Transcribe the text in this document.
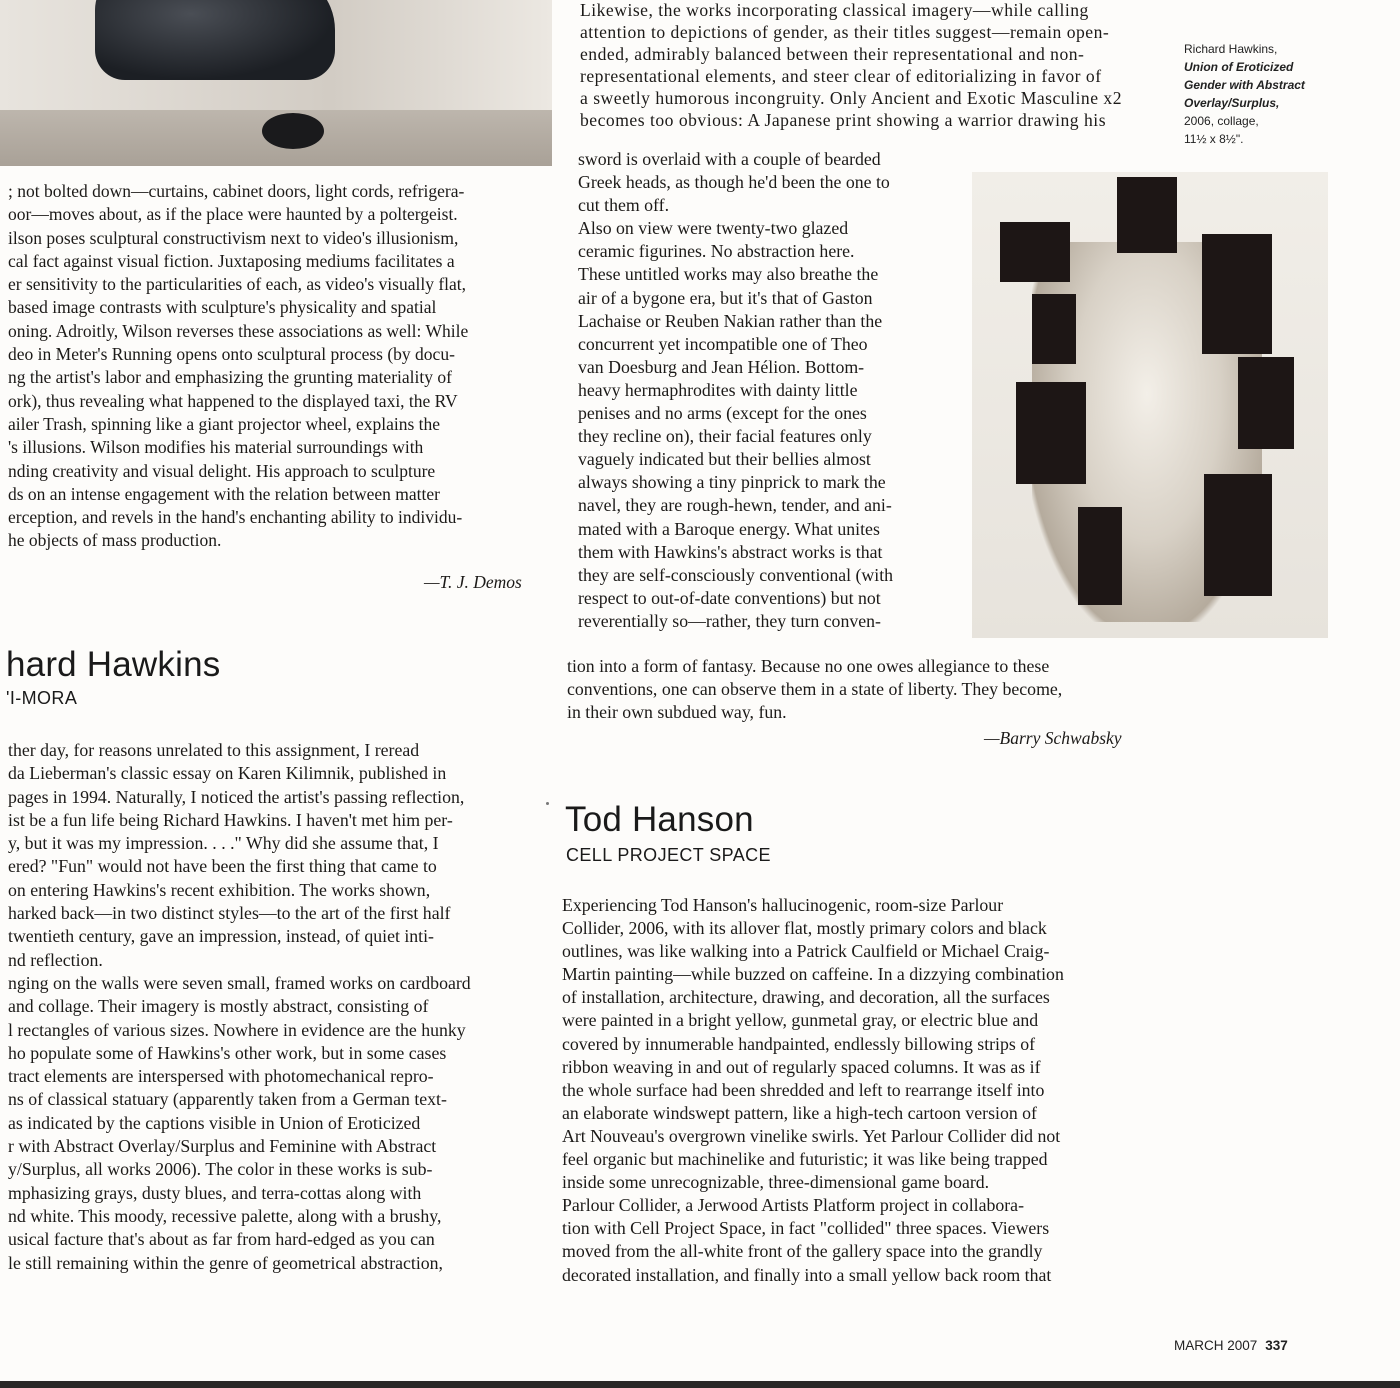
; not bolted down—curtains, cabinet doors, light cords, refrigera-

oor—moves about, as if the place were haunted by a poltergeist.

ilson poses sculptural constructivism next to video's illusionism,

cal fact against visual fiction. Juxtaposing mediums facilitates a

er sensitivity to the particularities of each, as video's visually flat,

based image contrasts with sculpture's physicality and spatial

oning. Adroitly, Wilson reverses these associations as well: While

deo in Meter's Running opens onto sculptural process (by docu-

ng the artist's labor and emphasizing the grunting materiality of

ork), thus revealing what happened to the displayed taxi, the RV

ailer Trash, spinning like a giant projector wheel, explains the

's illusions. Wilson modifies his material surroundings with

nding creativity and visual delight. His approach to sculpture

ds on an intense engagement with the relation between matter

erception, and revels in the hand's enchanting ability to individu-

he objects of mass production.

—T. J. Demos
hard Hawkins
'I-MORA

ther day, for reasons unrelated to this assignment, I reread

da Lieberman's classic essay on Karen Kilimnik, published in

pages in 1994. Naturally, I noticed the artist's passing reflection,

ist be a fun life being Richard Hawkins. I haven't met him per-

y, but it was my impression. . . ." Why did she assume that, I

ered? "Fun" would not have been the first thing that came to

on entering Hawkins's recent exhibition. The works shown,

harked back—in two distinct styles—to the art of the first half

twentieth century, gave an impression, instead, of quiet inti-

nd reflection.

nging on the walls were seven small, framed works on cardboard

and collage. Their imagery is mostly abstract, consisting of

l rectangles of various sizes. Nowhere in evidence are the hunky

ho populate some of Hawkins's other work, but in some cases

tract elements are interspersed with photomechanical repro-

ns of classical statuary (apparently taken from a German text-

as indicated by the captions visible in Union of Eroticized

r with Abstract Overlay/Surplus and Feminine with Abstract

y/Surplus, all works 2006). The color in these works is sub-

mphasizing grays, dusty blues, and terra-cottas along with

nd white. This moody, recessive palette, along with a brushy,

usical facture that's about as far from hard-edged as you can

le still remaining within the genre of geometrical abstraction,

Likewise, the works incorporating classical imagery—while calling

attention to depictions of gender, as their titles suggest—remain open-

ended, admirably balanced between their representational and non-

representational elements, and steer clear of editorializing in favor of

a sweetly humorous incongruity. Only Ancient and Exotic Masculine x2

becomes too obvious: A Japanese print showing a warrior drawing his

sword is overlaid with a couple of bearded

Greek heads, as though he'd been the one to

cut them off.

Also on view were twenty-two glazed

ceramic figurines. No abstraction here.

These untitled works may also breathe the

air of a bygone era, but it's that of Gaston

Lachaise or Reuben Nakian rather than the

concurrent yet incompatible one of Theo

van Doesburg and Jean Hélion. Bottom-

heavy hermaphrodites with dainty little

penises and no arms (except for the ones

they recline on), their facial features only

vaguely indicated but their bellies almost

always showing a tiny pinprick to mark the

navel, they are rough-hewn, tender, and ani-

mated with a Baroque energy. What unites

them with Hawkins's abstract works is that

they are self-consciously conventional (with

respect to out-of-date conventions) but not

reverentially so—rather, they turn conven-

tion into a form of fantasy. Because no one owes allegiance to these

conventions, one can observe them in a state of liberty. They become,

in their own subdued way, fun.

—Barry Schwabsky
Richard Hawkins,
Union of Eroticized
Gender with Abstract
Overlay/Surplus,
2006, collage,
11½ x 8½".
Tod Hanson
CELL PROJECT SPACE

Experiencing Tod Hanson's hallucinogenic, room-size Parlour

Collider, 2006, with its allover flat, mostly primary colors and black

outlines, was like walking into a Patrick Caulfield or Michael Craig-

Martin painting—while buzzed on caffeine. In a dizzying combination

of installation, architecture, drawing, and decoration, all the surfaces

were painted in a bright yellow, gunmetal gray, or electric blue and

covered by innumerable handpainted, endlessly billowing strips of

ribbon weaving in and out of regularly spaced columns. It was as if

the whole surface had been shredded and left to rearrange itself into

an elaborate windswept pattern, like a high-tech cartoon version of

Art Nouveau's overgrown vinelike swirls. Yet Parlour Collider did not

feel organic but machinelike and futuristic; it was like being trapped

inside some unrecognizable, three-dimensional game board.

Parlour Collider, a Jerwood Artists Platform project in collabora-

tion with Cell Project Space, in fact "collided" three spaces. Viewers

moved from the all-white front of the gallery space into the grandly

decorated installation, and finally into a small yellow back room that

MARCH 2007 337
